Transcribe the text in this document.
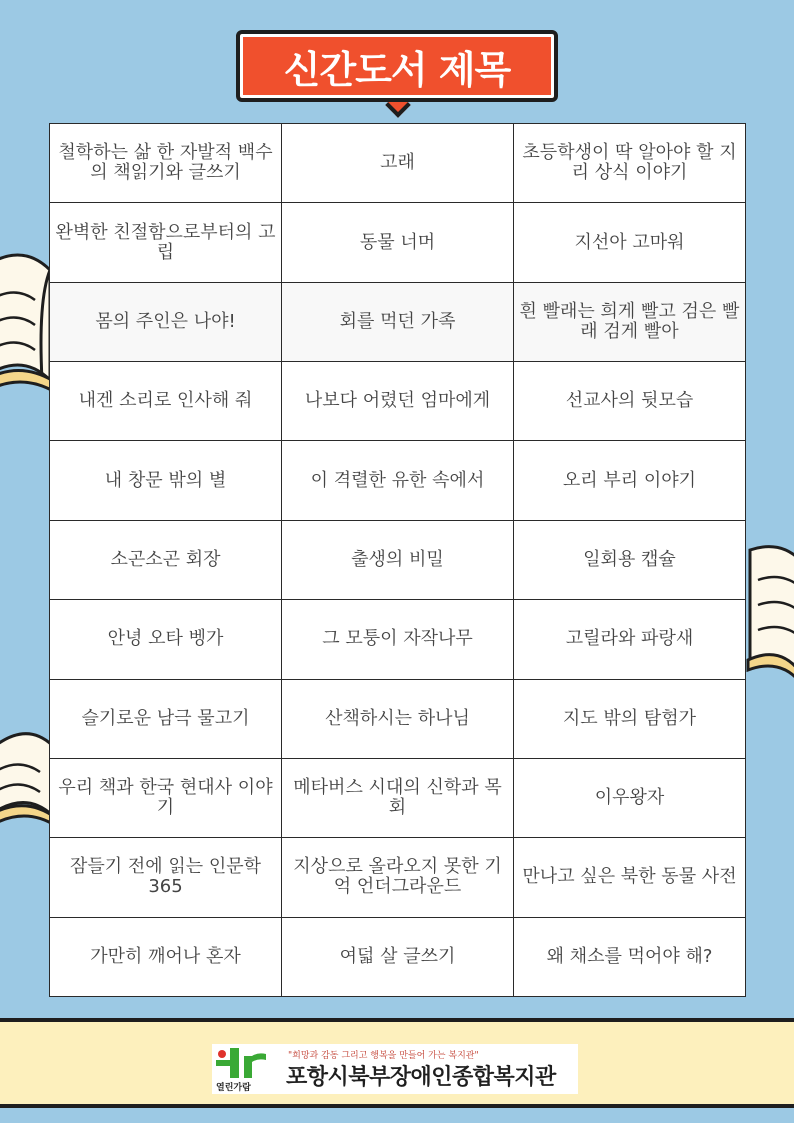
신간도서 제목
철학하는 삶 한 자발적 백수의 책읽기와 글쓰기	고래	초등학생이 딱 알아야 할 지리 상식 이야기
완벽한 친절함으로부터의 고립	동물 너머	지선아 고마워
몸의 주인은 나야!	회를 먹던 가족	흰 빨래는 희게 빨고 검은 빨래 검게 빨아
내겐 소리로 인사해 줘	나보다 어렸던 엄마에게	선교사의 뒷모습
내 창문 밖의 별	이 격렬한 유한 속에서	오리 부리 이야기
소곤소곤 회장	출생의 비밀	일회용 캡슐
안녕 오타 벵가	그 모퉁이 자작나무	고릴라와 파랑새
슬기로운 남극 물고기	산책하시는 하나님	지도 밖의 탐험가
우리 책과 한국 현대사 이야기	메타버스 시대의 신학과 목회	이우왕자
잠들기 전에 읽는 인문학 365	지상으로 올라오지 못한 기억 언더그라운드	만나고 싶은 북한 동물 사전
가만히 깨어나 혼자	여덟 살 글쓰기	왜 채소를 먹어야 해?
열린가람
"희망과 감동 그리고 행복을 만들어 가는 복지관"
포항시북부장애인종합복지관
